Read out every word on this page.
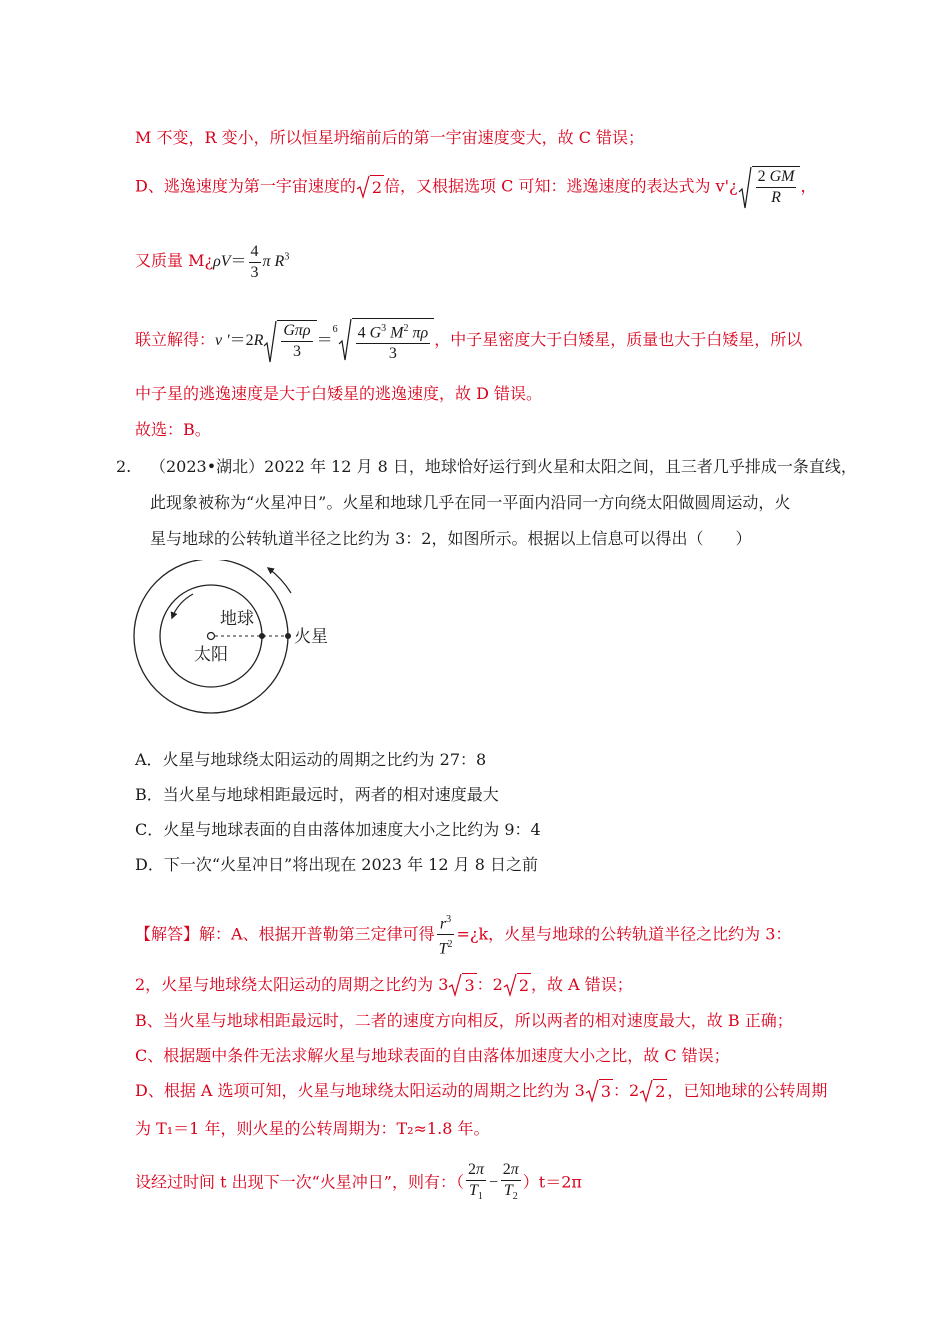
M 不变，R 变小，所以恒星坍缩前后的第一宇宙速度变大，故 C 错误；
D、逃逸速度为第一宇宙速度的 2 倍，又根据选项 C 可知：逃逸速度的表达式为 v'¿ $\frac{2 GM}{R}$ ，
又质量 M¿ρV＝ $\frac{4}{3}$ π $R^3$
联立解得：v '$=2R \frac{\text{Gπρ}}{3} =^6 \frac{4 G^3 M^2 \pi\rho}{3}$ ，中子星密度大于白矮星，质量也大于白矮星，所以
中子星的逃逸速度是大于白矮星的逃逸速度，故 D 错误。
故选：B。
2. （2023•湖北）2022 年 12 月 8 日，地球恰好运行到火星和太阳之间，且三者几乎排成一条直线，
此现象被称为“火星冲日”。火星和地球几乎在同一平面内沿同一方向绕太阳做圆周运动，火
星与地球的公转轨道半径之比约为 3：2，如图所示。根据以上信息可以得出（　　）
地球
太阳
火星
A．火星与地球绕太阳运动的周期之比约为 27：8
B．当火星与地球相距最远时，两者的相对速度最大
C．火星与地球表面的自由落体加速度大小之比约为 9：4
D．下一次“火星冲日”将出现在 2023 年 12 月 8 日之前
【解答】解：A、根据开普勒第三定律可得 $\frac{r^3}{T^2}$ =¿k，火星与地球的公转轨道半径之比约为 3：
2，火星与地球绕太阳运动的周期之比约为 3 3 ：2 2 ，故 A 错误；
B、当火星与地球相距最远时，二者的速度方向相反，所以两者的相对速度最大，故 B 正确；
C、根据题中条件无法求解火星与地球表面的自由落体加速度大小之比，故 C 错误；
D、根据 A 选项可知，火星与地球绕太阳运动的周期之比约为 3 3 ：2 2 ，已知地球的公转周期
为 T₁＝1 年，则火星的公转周期为：T₂≈1.8 年。
设经过时间 t 出现下一次“火星冲日”，则有：（ $\frac{2\pi}{T_1} - \frac{2\pi}{T_2} )t=2\pi$
